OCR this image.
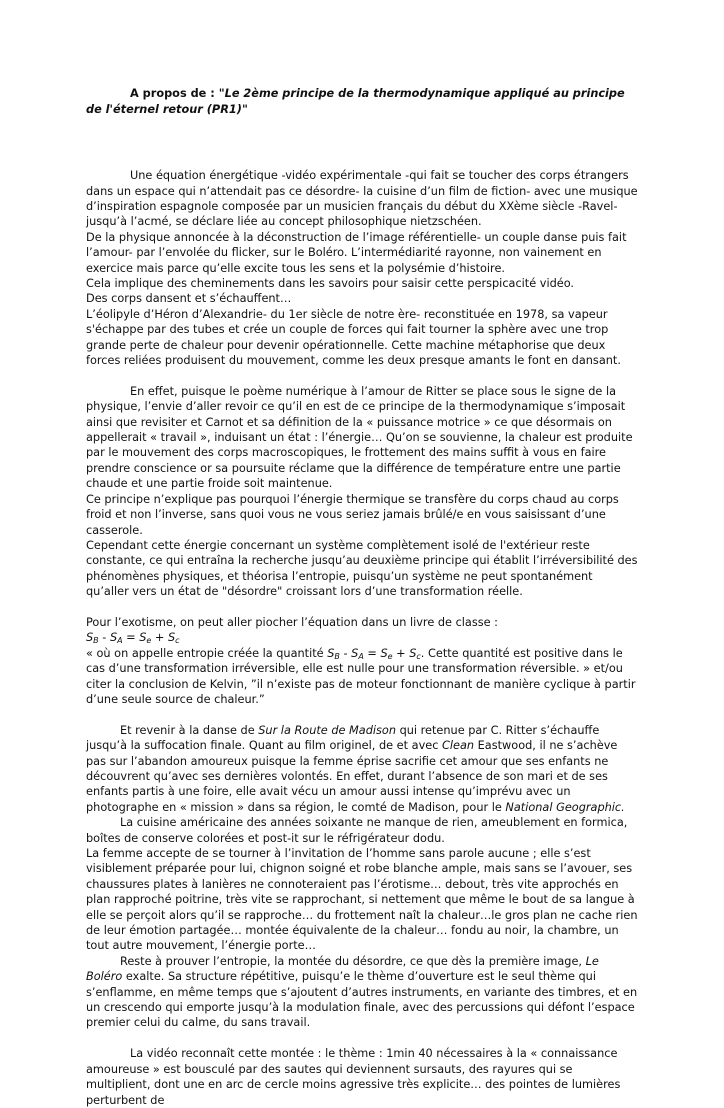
A propos de : "Le 2ème principe de la thermodynamique appliqué au principe de l'éternel retour (PR1)"

Une équation énergétique -vidéo expérimentale -qui fait se toucher des corps étrangers dans un espace qui n’attendait pas ce désordre- la cuisine d’un film de fiction- avec une musique d’inspiration espagnole composée par un musicien français du début du XXème siècle -Ravel- jusqu’à l’acmé, se déclare liée au concept philosophique nietzschéen.

De la physique annoncée à la déconstruction de l’image référentielle- un couple danse puis fait l’amour- par l’envolée du flicker, sur le Boléro. L’intermédiarité rayonne, non vainement en exercice mais parce qu’elle excite tous les sens et la polysémie d’histoire.

Cela implique des cheminements dans les savoirs pour saisir cette perspicacité vidéo.

Des corps dansent et s’échauffent…

L’éolipyle d’Héron d’Alexandrie- du 1er siècle de notre ère- reconstituée en 1978, sa vapeur s'échappe par des tubes et crée un couple de forces qui fait tourner la sphère avec une trop grande perte de chaleur pour devenir opérationnelle. Cette machine métaphorise que deux forces reliées produisent du mouvement, comme les deux presque amants le font en dansant.

En effet, puisque le poème numérique à l’amour de Ritter se place sous le signe de la physique, l’envie d’aller revoir ce qu’il en est de ce principe de la thermodynamique s’imposait ainsi que revisiter et Carnot et sa définition de la « puissance motrice » ce que désormais on appellerait « travail », induisant un état : l’énergie… Qu’on se souvienne, la chaleur est produite par le mouvement des corps macroscopiques, le frottement des mains suffit à vous en faire prendre conscience or sa poursuite réclame que la différence de température entre une partie chaude et une partie froide soit maintenue.

Ce principe n’explique pas pourquoi l’énergie thermique se transfère du corps chaud au corps froid et non l’inverse, sans quoi vous ne vous seriez jamais brûlé/e en vous saisissant d’une casserole.

Cependant cette énergie concernant un système complètement isolé de l'extérieur reste constante, ce qui entraîna la recherche jusqu’au deuxième principe qui établit l’irréversibilité des phénomènes physiques, et théorisa l’entropie, puisqu’un système ne peut spontanément qu’aller vers un état de "désordre" croissant lors d’une transformation réelle.

Pour l’exotisme, on peut aller piocher l’équation dans un livre de classe :

$S_B - S_A = S_e + S_c$

« où on appelle entropie créée la quantité $S_B - S_A = S_e + S_c$. Cette quantité est positive dans le cas d’une transformation irréversible, elle est nulle pour une transformation réversible. » et/ou citer la conclusion de Kelvin, ”il n’existe pas de moteur fonctionnant de manière cyclique à partir d’une seule source de chaleur.”

Et revenir à la danse de Sur la Route de Madison qui retenue par C. Ritter s’échauffe jusqu’à la suffocation finale. Quant au film originel, de et avec Clean Eastwood, il ne s’achève pas sur l’abandon amoureux puisque la femme éprise sacrifie cet amour que ses enfants ne découvrent qu’avec ses dernières volontés. En effet, durant l’absence de son mari et de ses enfants partis à une foire, elle avait vécu un amour aussi intense qu’imprévu avec un photographe en « mission » dans sa région, le comté de Madison, pour le National Geographic.

La cuisine américaine des années soixante ne manque de rien, ameublement en formica, boîtes de conserve colorées et post-it sur le réfrigérateur dodu.

La femme accepte de se tourner à l’invitation de l’homme sans parole aucune ; elle s’est visiblement préparée pour lui, chignon soigné et robe blanche ample, mais sans se l’avouer, ses chaussures plates à lanières ne connoteraient pas l’érotisme… debout, très vite approchés en plan rapproché poitrine, très vite se rapprochant, si nettement que même le bout de sa langue à elle se perçoit alors qu’il se rapproche… du frottement naît la chaleur…le gros plan ne cache rien de leur émotion partagée… montée équivalente de la chaleur… fondu au noir, la chambre, un tout autre mouvement, l’énergie porte…

Reste à prouver l’entropie, la montée du désordre, ce que dès la première image, Le Boléro exalte. Sa structure répétitive, puisqu’e le thème d’ouverture est le seul thème qui s’enflamme, en même temps que s’ajoutent d’autres instruments, en variante des timbres, et en un crescendo qui emporte jusqu’à la modulation finale, avec des percussions qui défont l’espace premier celui du calme, du sans travail.

La vidéo reconnaît cette montée : le thème : 1min 40 nécessaires à la « connaissance amoureuse » est bousculé par des sautes qui deviennent sursauts, des rayures qui se multiplient, dont une en arc de cercle moins agressive très explicite… des pointes de lumières perturbent de
